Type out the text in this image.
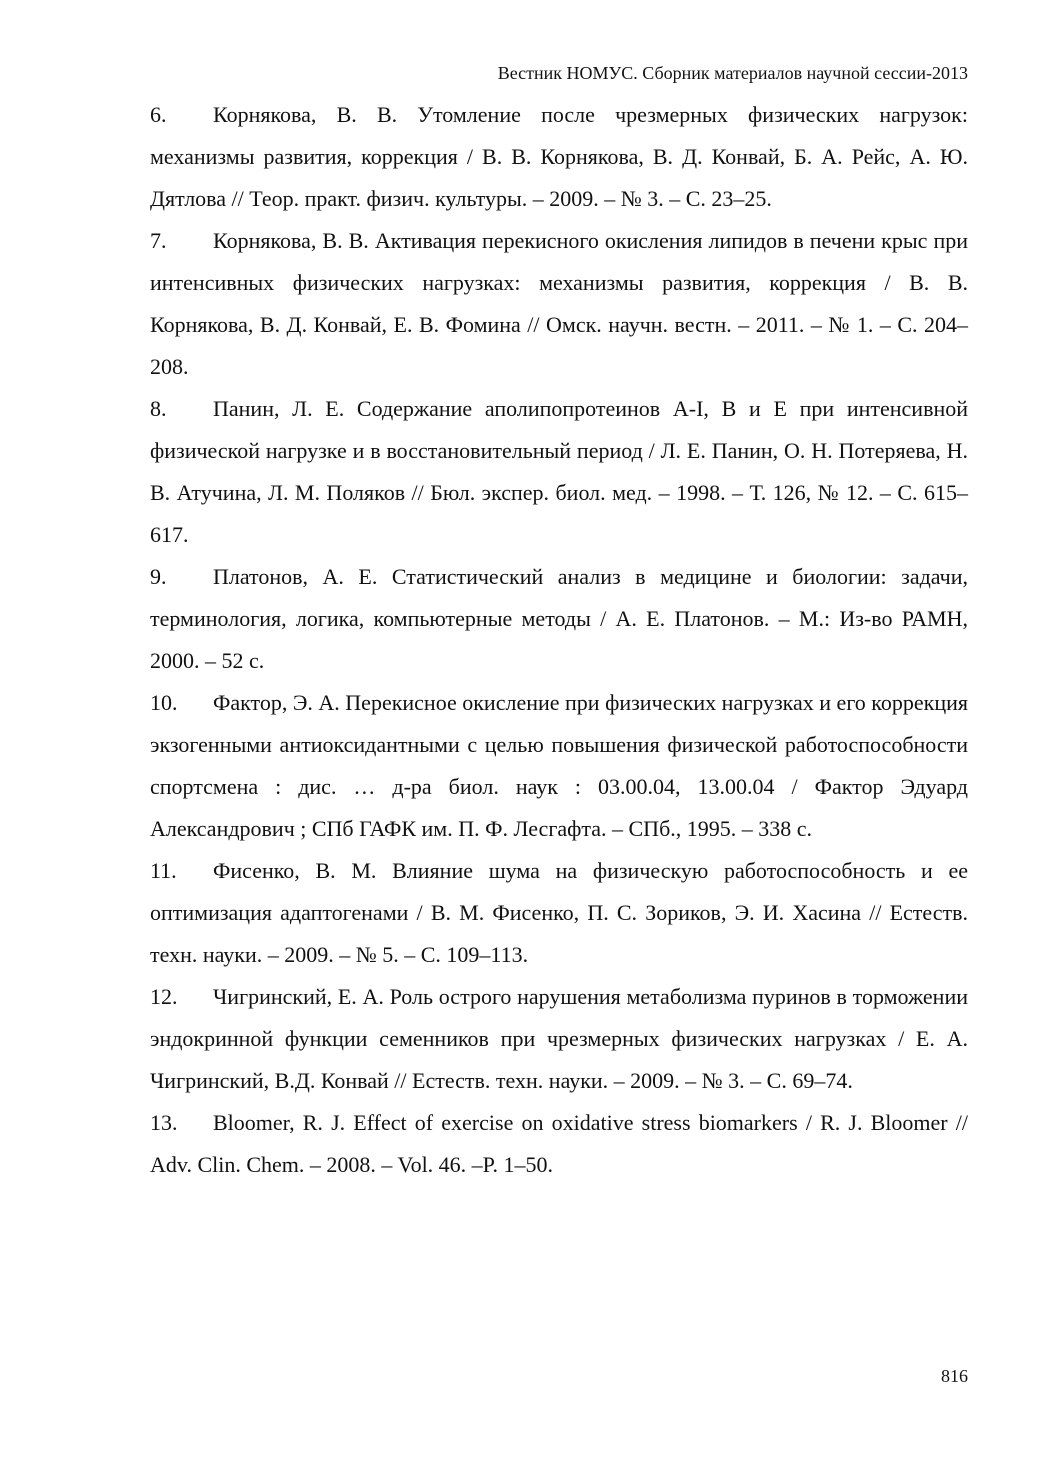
Вестник НОМУС. Сборник материалов научной сессии-2013

6. Корнякова, В. В. Утомление после чрезмерных физических нагрузок: механизмы развития, коррекция / В. В. Корнякова, В. Д. Конвай, Б. А. Рейс, А. Ю. Дятлова // Теор. практ. физич. культуры. – 2009. – № 3. – С. 23–25.

7. Корнякова, В. В. Активация перекисного окисления липидов в печени крыс при интенсивных физических нагрузках: механизмы развития, коррекция / В. В. Корнякова, В. Д. Конвай, Е. В. Фомина // Омск. научн. вестн. – 2011. – № 1. – С. 204–208.

8. Панин, Л. Е. Содержание аполипопротеинов А-I, В и Е при интенсивной физической нагрузке и в восстановительный период / Л. Е. Панин, О. Н. Потеряева, Н. В. Атучина, Л. М. Поляков // Бюл. экспер. биол. мед. – 1998. – Т. 126, № 12. – С. 615–617.

9. Платонов, А. Е. Статистический анализ в медицине и биологии: задачи, терминология, логика, компьютерные методы / А. Е. Платонов. – М.: Из-во РАМН, 2000. – 52 с.

10. Фактор, Э. А. Перекисное окисление при физических нагрузках и его коррекция экзогенными антиоксидантными с целью повышения физической работоспособности спортсмена : дис. … д-ра биол. наук : 03.00.04, 13.00.04 / Фактор Эдуард Александрович ; СПб ГАФК им. П. Ф. Лесгафта. – СПб., 1995. – 338 с.

11. Фисенко, В. М. Влияние шума на физическую работоспособность и ее оптимизация адаптогенами / В. М. Фисенко, П. С. Зориков, Э. И. Хасина // Естеств. техн. науки. – 2009. – № 5. – С. 109–113.

12. Чигринский, Е. А. Роль острого нарушения метаболизма пуринов в торможении эндокринной функции семенников при чрезмерных физических нагрузках / Е. А. Чигринский, В.Д. Конвай // Естеств. техн. науки. – 2009. – № 3. – С. 69–74.

13. Bloomer, R. J. Effect of exercise on oxidative stress biomarkers / R. J. Bloomer // Adv. Clin. Chem. – 2008. – Vol. 46. –P. 1–50.

816
